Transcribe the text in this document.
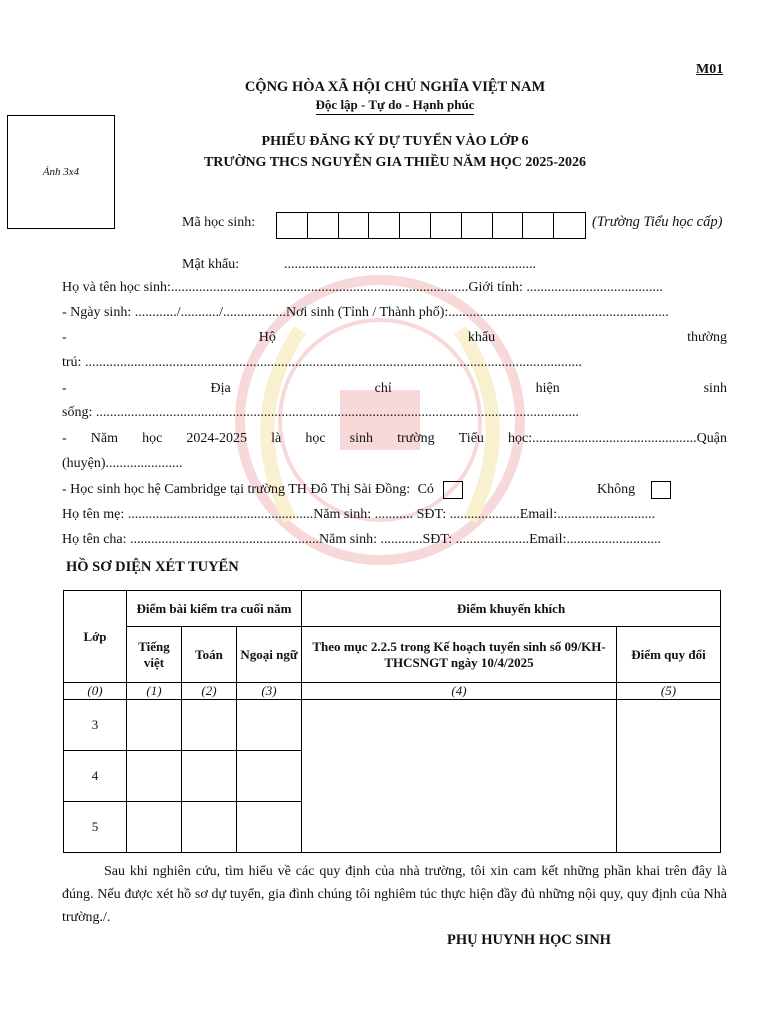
M01
CỘNG HÒA XÃ HỘI CHỦ NGHĨA VIỆT NAM
Độc lập - Tự do - Hạnh phúc
Ảnh 3x4
PHIẾU ĐĂNG KÝ DỰ TUYỂN VÀO LỚP 6
TRƯỜNG THCS NGUYỄN GIA THIỀU NĂM HỌC 2025-2026
Mã học sinh:	(Trường Tiểu học cấp)
Mật khẩu:	........................................................................
Họ và tên học sinh:.....................................................................................Giới tính: .......................................
- Ngày sinh: ............/.........../..................Nơi sinh (Tỉnh / Thành phố):...............................................................
-	Hộ	khẩu	thường
trú: ..............................................................................................................................................
-	Địa	chỉ	hiện	sinh
sống: ..........................................................................................................................................
- Năm học 2024-2025 là học sinh trường Tiểu học:...............................................Quận
(huyện)......................
- Học sinh học hệ Cambridge tại trường TH Đô Thị Sài Đồng: Có	Không
Họ tên mẹ: .....................................................Năm sinh: ........... SĐT: ....................Email:............................
Họ tên cha: ......................................................Năm sinh: ............SĐT: .....................Email:...........................
HỒ SƠ DIỆN XÉT TUYỂN
Lớp	Điểm bài kiểm tra cuối năm			Điểm khuyến khích	
	Tiếng việt	Toán	Ngoại ngữ	Theo mục 2.2.5 trong Kế hoạch tuyển sinh số 09/KH-THCSNGT ngày 10/4/2025	Điểm quy đổi
(0)	(1)	(2)	(3)	(4)	(5)
3					
4					
5					
Sau khi nghiên cứu, tìm hiểu về các quy định của nhà trường, tôi xin cam kết những phần khai trên đây là đúng. Nếu được xét hồ sơ dự tuyển, gia đình chúng tôi nghiêm túc thực hiện đầy đủ những nội quy, quy định của Nhà trường./.
PHỤ HUYNH HỌC SINH
